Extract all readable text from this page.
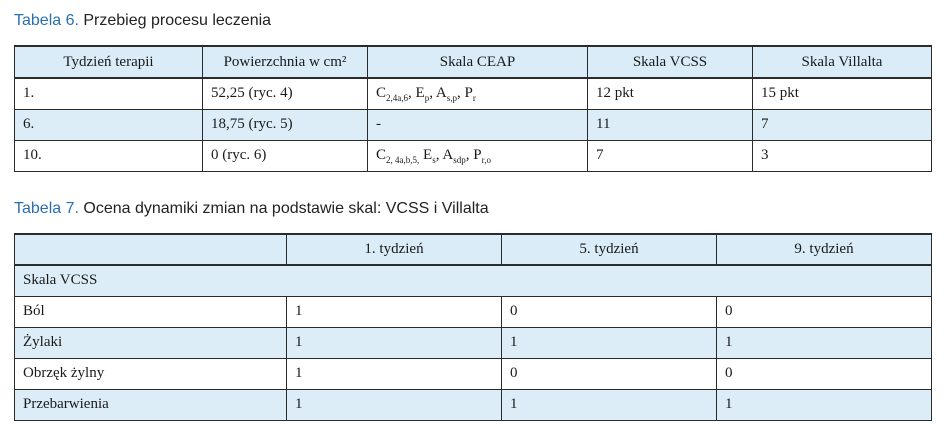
Tabela 6. Przebieg procesu leczenia
Tydzień terapii	Powierzchnia w cm²	Skala CEAP	Skala VCSS	Skala Villalta
1.	52,25 (ryc. 4)	$C_{2,4a,6}$, $E_p$, $A_{s,p}$, $P_r$	12 pkt	15 pkt
6.	18,75 (ryc. 5)	-	11	7
10.	0 (ryc. 6)	$C_{2, 4a,b,5,}$ $E_s$, $A_{sdp}$, $P_{r,o}$	7	3
Tabela 7. Ocena dynamiki zmian na podstawie skal: VCSS i Villalta
	1. tydzień	5. tydzień	9. tydzień
Skala VCSS			
Ból	1	0	0
Żylaki	1	1	1
Obrzęk żylny	1	0	0
Przebarwienia	1	1	1
